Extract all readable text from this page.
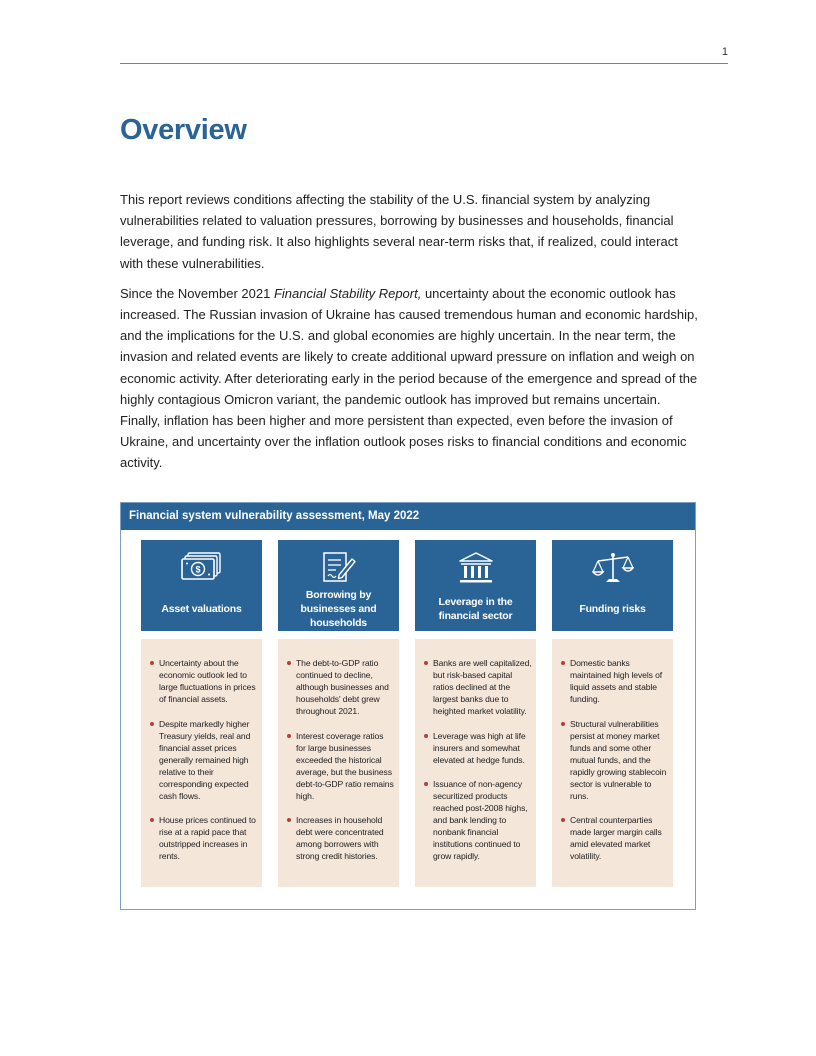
1
Overview

This report reviews conditions affecting the stability of the U.S. financial system by analyzing vulnerabilities related to valuation pressures, borrowing by businesses and households, financial leverage, and funding risk. It also highlights several near-term risks that, if realized, could interact with these vulnerabilities.

Since the November 2021 Financial Stability Report, uncertainty about the economic outlook has increased. The Russian invasion of Ukraine has caused tremendous human and economic hardship, and the implications for the U.S. and global economies are highly uncertain. In the near term, the invasion and related events are likely to create additional upward pressure on inflation and weigh on economic activity. After deteriorating early in the period because of the emergence and spread of the highly contagious Omicron variant, the pandemic outlook has improved but remains uncertain. Finally, inflation has been higher and more persistent than expected, even before the invasion of Ukraine, and uncertainty over the inflation outlook poses risks to financial conditions and economic activity.

Financial system vulnerability assessment, May 2022
$
Asset valuations
Uncertainty about the economic outlook led to large fluctuations in prices of financial assets.
Despite markedly higher Treasury yields, real and financial asset prices generally remained high relative to their corresponding expected cash flows.
House prices continued to rise at a rapid pace that outstripped increases in rents.
Borrowing by businesses and households
The debt-to-GDP ratio continued to decline, although businesses and households' debt grew throughout 2021.
Interest coverage ratios for large businesses exceeded the historical average, but the business debt-to-GDP ratio remains high.
Increases in household debt were concentrated among borrowers with strong credit histories.
Leverage in the financial sector
Banks are well capitalized, but risk-based capital ratios declined at the largest banks due to heighted market volatility.
Leverage was high at life insurers and somewhat elevated at hedge funds.
Issuance of non-agency securitized products reached post-2008 highs, and bank lending to nonbank financial institutions continued to grow rapidly.
Funding risks
Domestic banks maintained high levels of liquid assets and stable funding.
Structural vulnerabilities persist at money market funds and some other mutual funds, and the rapidly growing stablecoin sector is vulnerable to runs.
Central counterparties made larger margin calls amid elevated market volatility.
